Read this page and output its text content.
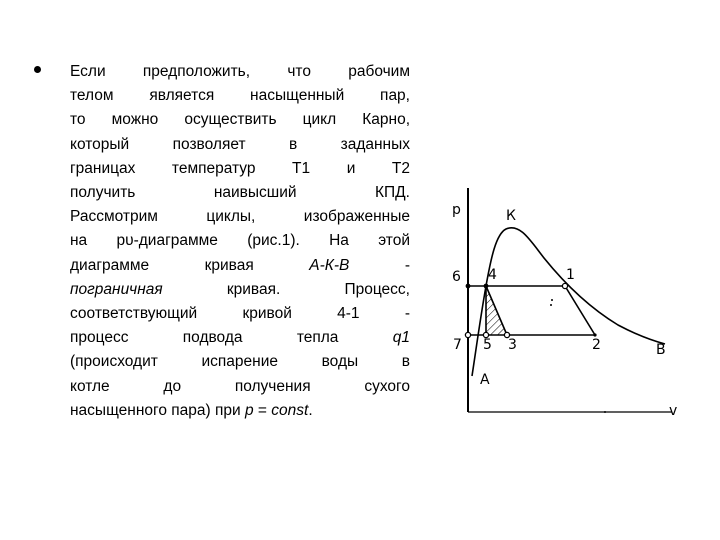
Если предположить, что рабочим
телом является насыщенный пар,
то можно осуществить цикл Карно,
который позволяет в заданных
границах температур Т1 и Т2
получить наивысший КПД.
Рассмотрим циклы, изображенные
на pυ-диаграмме (рис.1). На этой
диаграмме кривая А-К-В -
пограничная кривая. Процесс,
соответствующий кривой 4-1 -
процесс подвода тепла q1
(происходит испарение воды в
котле до получения сухого
насыщенного пара) при p = const.
p
v
К
1
4
6
7 5 3	2	В
А
